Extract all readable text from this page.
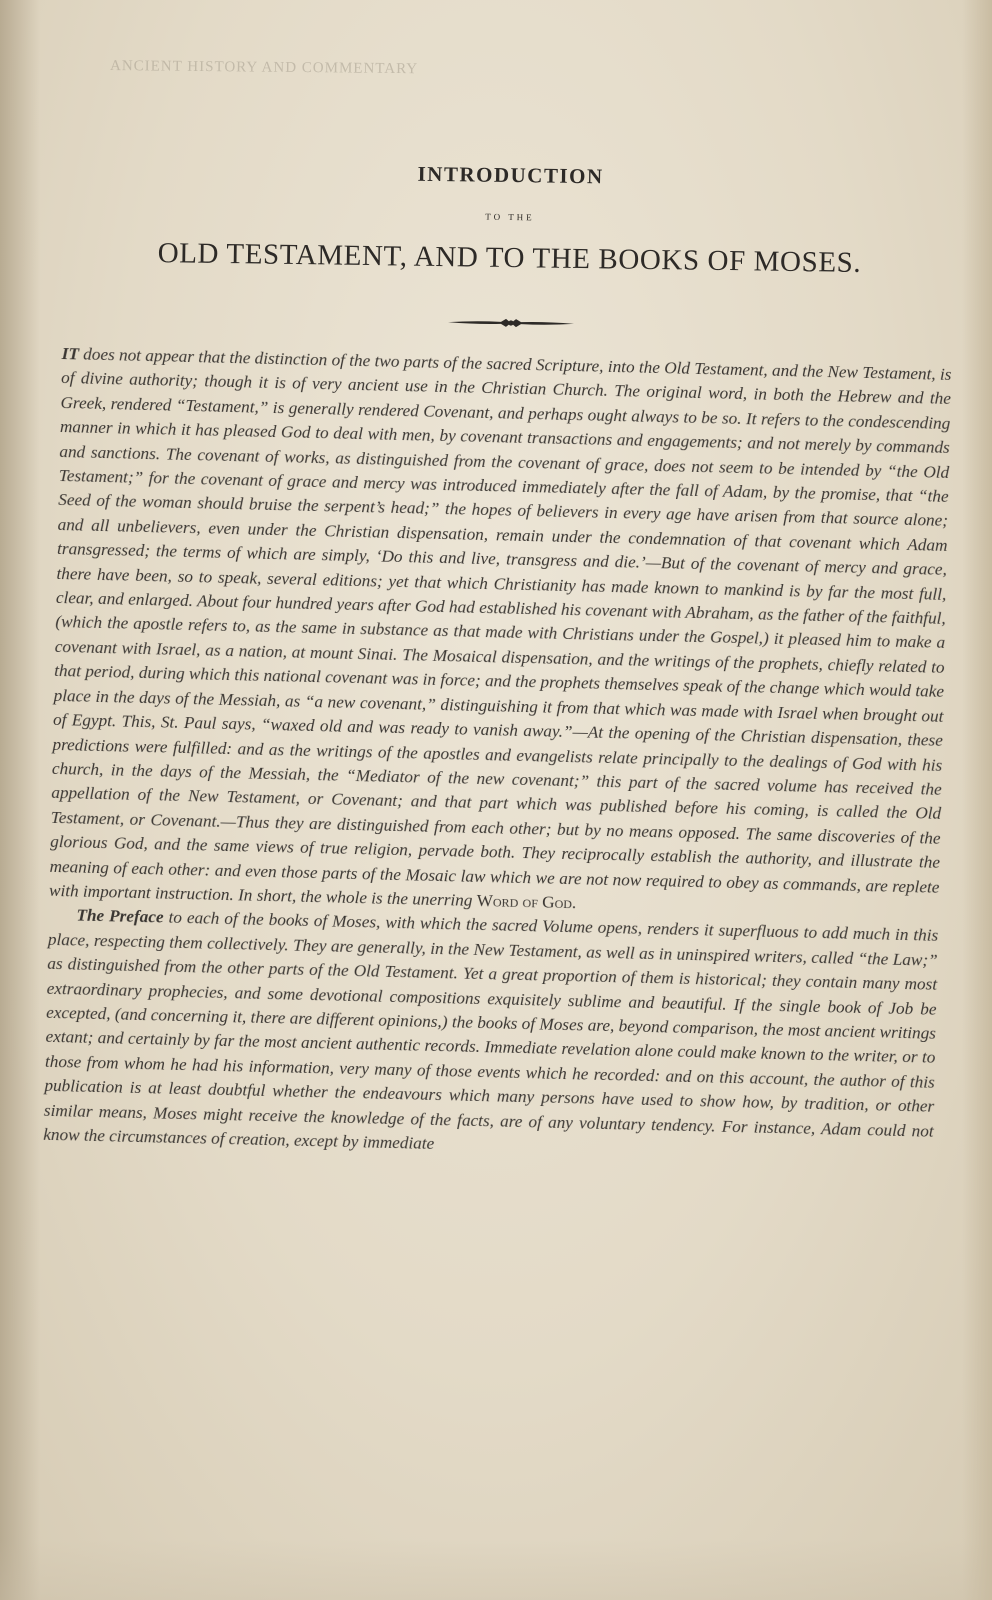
ANCIENT HISTORY AND COMMENTARY
INTRODUCTION
TO THE
OLD TESTAMENT, AND TO THE BOOKS OF MOSES.

IT does not appear that the distinction of the two parts of the sacred Scripture, into the Old Testament, and the New Testament, is of divine authority; though it is of very ancient use in the Christian Church. The original word, in both the Hebrew and the Greek, rendered “Testament,” is generally rendered Covenant, and perhaps ought always to be so. It refers to the condescending manner in which it has pleased God to deal with men, by covenant transactions and engagements; and not merely by commands and sanctions. The covenant of works, as distinguished from the covenant of grace, does not seem to be intended by “the Old Testament;” for the covenant of grace and mercy was introduced immediately after the fall of Adam, by the promise, that “the Seed of the woman should bruise the serpent’s head;” the hopes of believers in every age have arisen from that source alone; and all unbelievers, even under the Christian dispensation, remain under the condemnation of that covenant which Adam transgressed; the terms of which are simply, ‘Do this and live, transgress and die.’—But of the covenant of mercy and grace, there have been, so to speak, several editions; yet that which Christianity has made known to mankind is by far the most full, clear, and enlarged. About four hundred years after God had established his covenant with Abraham, as the father of the faithful, (which the apostle refers to, as the same in substance as that made with Christians under the Gospel,) it pleased him to make a covenant with Israel, as a nation, at mount Sinai. The Mosaical dispensation, and the writings of the prophets, chiefly related to that period, during which this national covenant was in force; and the prophets themselves speak of the change which would take place in the days of the Messiah, as “a new covenant,” distinguishing it from that which was made with Israel when brought out of Egypt. This, St. Paul says, “waxed old and was ready to vanish away.”—At the opening of the Christian dispensation, these predictions were fulfilled: and as the writings of the apostles and evangelists relate principally to the dealings of God with his church, in the days of the Messiah, the “Mediator of the new covenant;” this part of the sacred volume has received the appellation of the New Testament, or Covenant; and that part which was published before his coming, is called the Old Testament, or Covenant.—Thus they are distinguished from each other; but by no means opposed. The same discoveries of the glorious God, and the same views of true religion, pervade both. They reciprocally establish the authority, and illustrate the meaning of each other: and even those parts of the Mosaic law which we are not now required to obey as commands, are replete with important instruction. In short, the whole is the unerring Word of God.

The Preface to each of the books of Moses, with which the sacred Volume opens, renders it superfluous to add much in this place, respecting them collectively. They are generally, in the New Testament, as well as in uninspired writers, called “the Law;” as distinguished from the other parts of the Old Testament. Yet a great proportion of them is historical; they contain many most extraordinary prophecies, and some devotional compositions exquisitely sublime and beautiful. If the single book of Job be excepted, (and concerning it, there are different opinions,) the books of Moses are, beyond comparison, the most ancient writings extant; and certainly by far the most ancient authentic records. Immediate revelation alone could make known to the writer, or to those from whom he had his information, very many of those events which he recorded: and on this account, the author of this publication is at least doubtful whether the endeavours which many persons have used to show how, by tradition, or other similar means, Moses might receive the knowledge of the facts, are of any voluntary tendency. For instance, Adam could not know the circumstances of creation, except by immediate
